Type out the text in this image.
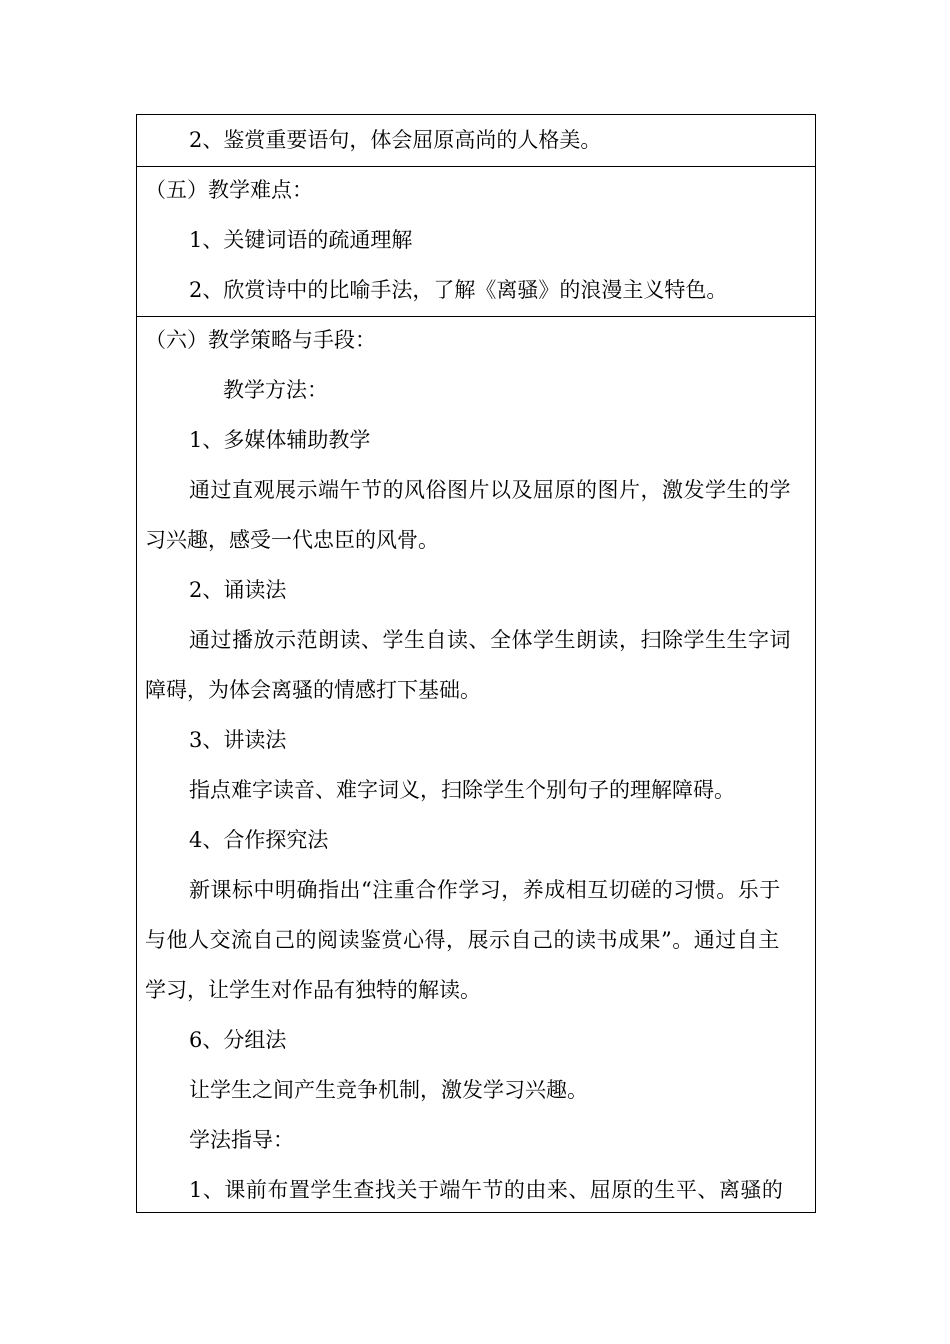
2、鉴赏重要语句，体会屈原高尚的人格美。
（五）教学难点：
1、关键词语的疏通理解
2、欣赏诗中的比喻手法，了解《离骚》的浪漫主义特色。
（六）教学策略与手段：
教学方法：
1、多媒体辅助教学
通过直观展示端午节的风俗图片以及屈原的图片，激发学生的学
习兴趣，感受一代忠臣的风骨。
2、诵读法
通过播放示范朗读、学生自读、全体学生朗读，扫除学生生字词
障碍，为体会离骚的情感打下基础。
3、讲读法
指点难字读音、难字词义，扫除学生个别句子的理解障碍。
4、合作探究法
新课标中明确指出“注重合作学习，养成相互切磋的习惯。乐于
与他人交流自己的阅读鉴赏心得，展示自己的读书成果”。通过自主
学习，让学生对作品有独特的解读。
6、分组法
让学生之间产生竞争机制，激发学习兴趣。
学法指导：
1、课前布置学生查找关于端午节的由来、屈原的生平、离骚的
